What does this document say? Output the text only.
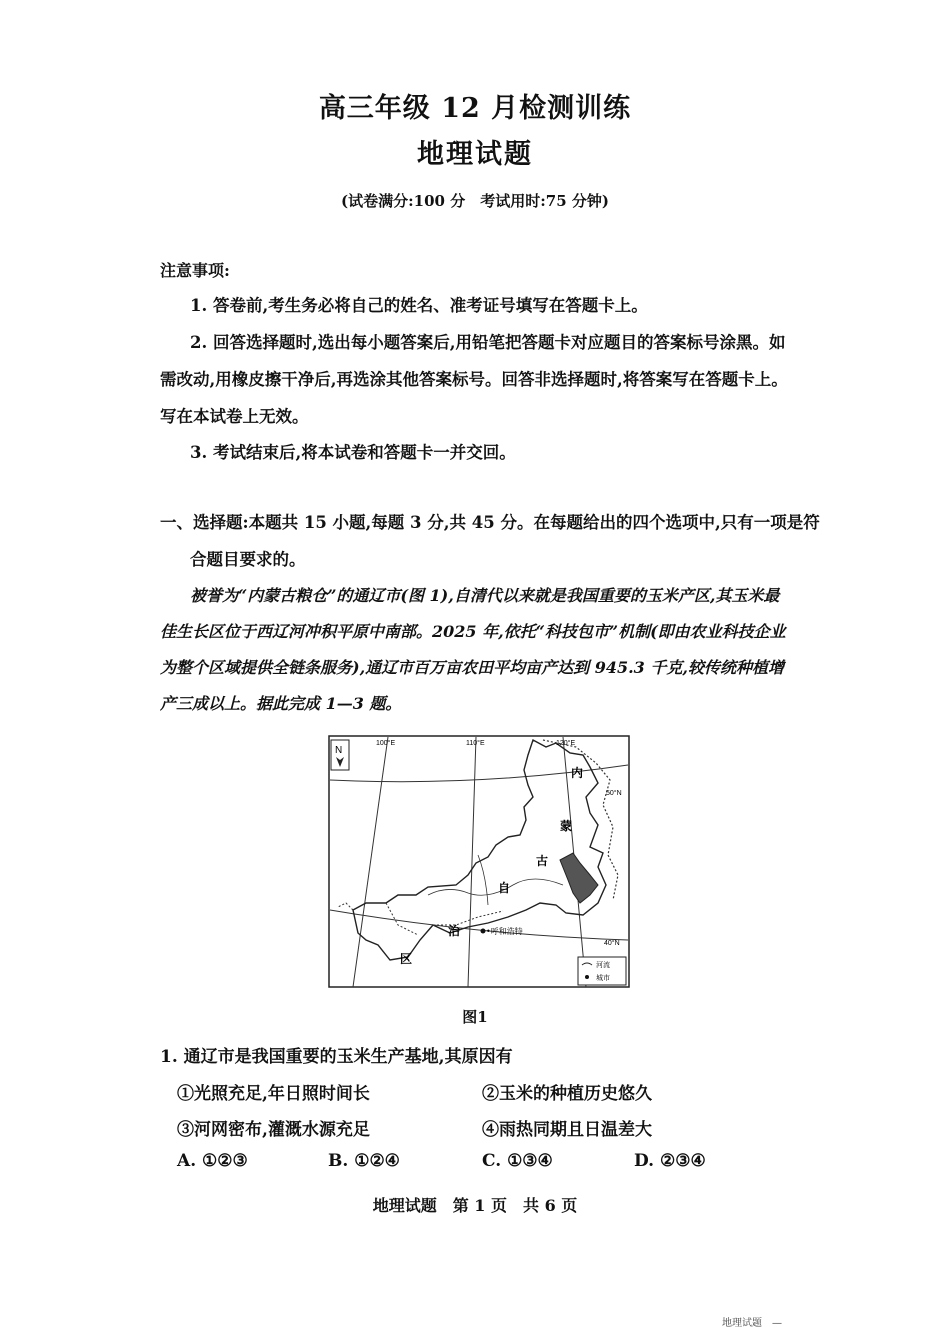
高三年级 12 月检测训练
地理试题
(试卷满分:100 分　考试用时:75 分钟)
注意事项:
1. 答卷前,考生务必将自己的姓名、准考证号填写在答题卡上。
2. 回答选择题时,选出每小题答案后,用铅笔把答题卡对应题目的答案标号涂黑。如
需改动,用橡皮擦干净后,再选涂其他答案标号。回答非选择题时,将答案写在答题卡上。
写在本试卷上无效。
3. 考试结束后,将本试卷和答题卡一并交回。
一、选择题:本题共 15 小题,每题 3 分,共 45 分。在每题给出的四个选项中,只有一项是符
合题目要求的。
被誉为“内蒙古粮仓”的通辽市(图 1),自清代以来就是我国重要的玉米产区,其玉米最
佳生长区位于西辽河冲积平原中南部。2025 年,依托“科技包市”机制(即由农业科技企业
为整个区域提供全链条服务),通辽市百万亩农田平均亩产达到 945.3 千克,较传统种植增
产三成以上。据此完成 1—3 题。
N
•呼和浩特
内
蒙
古
自
治
区
100°E	110°E	120°E
50°N
40°N
河流
城市
图1
1. 通辽市是我国重要的玉米生产基地,其原因有
①光照充足,年日照时间长	②玉米的种植历史悠久
③河网密布,灌溉水源充足	④雨热同期且日温差大
A. ①②③	B. ①②④	C. ①③④	D. ②③④
地理试题　第 1 页　共 6 页
地理试题　—
